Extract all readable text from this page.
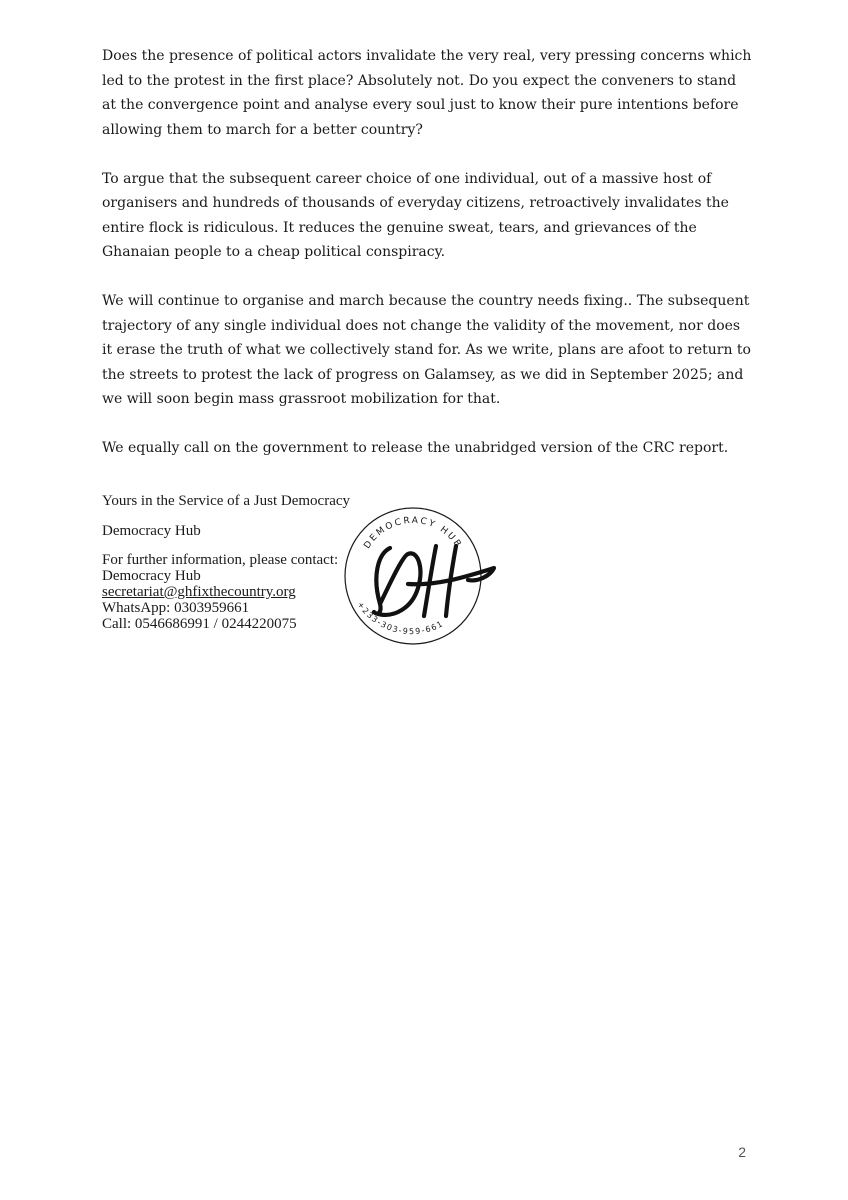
Does the presence of political actors invalidate the very real, very pressing concerns which led to the protest in the first place? Absolutely not. Do you expect the conveners to stand at the convergence point and analyse every soul just to know their pure intentions before allowing them to march for a better country?

To argue that the subsequent career choice of one individual, out of a massive host of organisers and hundreds of thousands of everyday citizens, retroactively invalidates the entire flock is ridiculous. It reduces the genuine sweat, tears, and grievances of the Ghanaian people to a cheap political conspiracy.

We will continue to organise and march because the country needs fixing.. The subsequent trajectory of any single individual does not change the validity of the movement, nor does it erase the truth of what we collectively stand for. As we write, plans are afoot to return to the streets to protest the lack of progress on Galamsey, as we did in September 2025; and we will soon begin mass grassroot mobilization for that.

We equally call on the government to release the unabridged version of the CRC report.

Yours in the Service of a Just Democracy
Democracy Hub
For further information, please contact:
Democracy Hub
secretariat@ghfixthecountry.org
WhatsApp: 0303959661
Call: 0546686991 / 0244220075
DEMOCRACY HUB
+233-303-959-661
2
